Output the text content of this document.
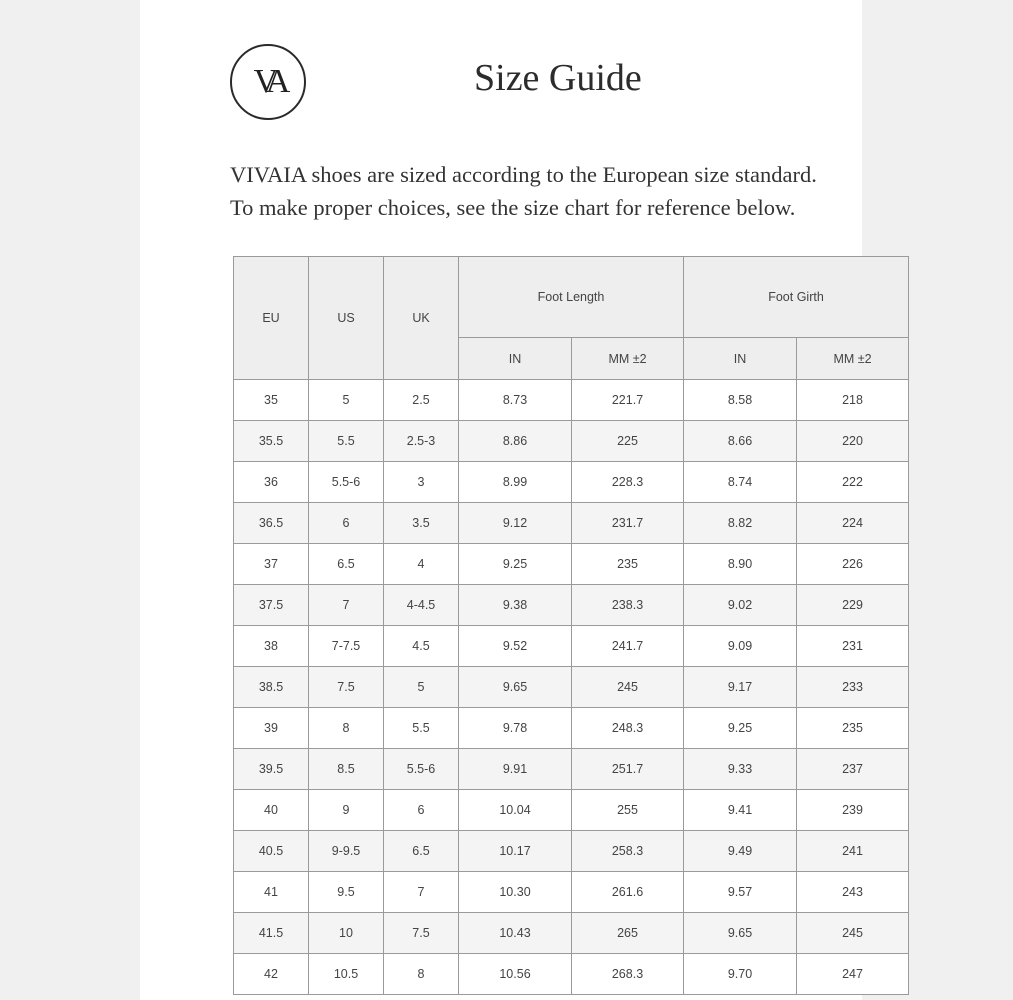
VA	Size Guide
VIVAIA shoes are sized according to the European size standard.
To make proper choices, see the size chart for reference below.
EU	US	UK	Foot Length		Foot Girth	
			IN	MM ±2	IN	MM ±2
35	5	2.5	8.73	221.7	8.58	218
35.5	5.5	2.5-3	8.86	225	8.66	220
36	5.5-6	3	8.99	228.3	8.74	222
36.5	6	3.5	9.12	231.7	8.82	224
37	6.5	4	9.25	235	8.90	226
37.5	7	4-4.5	9.38	238.3	9.02	229
38	7-7.5	4.5	9.52	241.7	9.09	231
38.5	7.5	5	9.65	245	9.17	233
39	8	5.5	9.78	248.3	9.25	235
39.5	8.5	5.5-6	9.91	251.7	9.33	237
40	9	6	10.04	255	9.41	239
40.5	9-9.5	6.5	10.17	258.3	9.49	241
41	9.5	7	10.30	261.6	9.57	243
41.5	10	7.5	10.43	265	9.65	245
42	10.5	8	10.56	268.3	9.70	247
